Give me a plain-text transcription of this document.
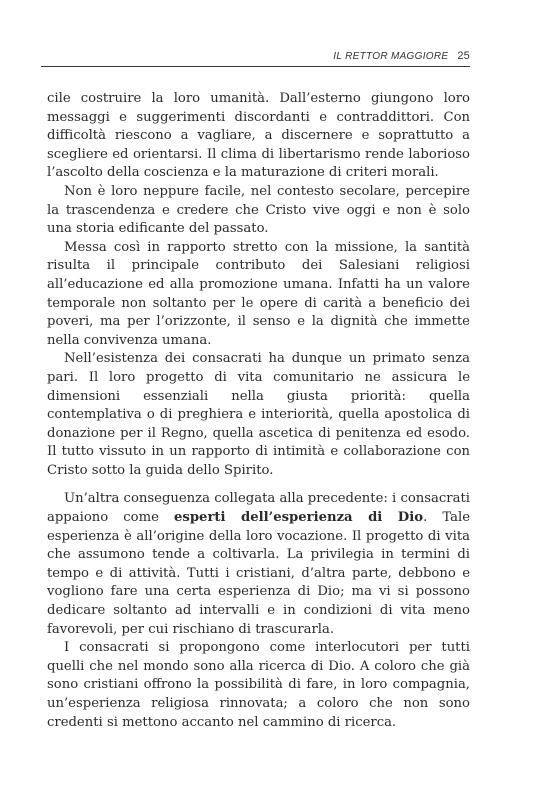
IL RETTOR MAGGIORE 25

cile costruire la loro umanità. Dall’esterno giungono loro messaggi e suggerimenti discordanti e contraddittori. Con difficoltà riescono a vagliare, a discernere e soprattutto a scegliere ed orientarsi. Il clima di libertarismo rende laborioso l’ascolto della coscienza e la maturazione di criteri morali.

Non è loro neppure facile, nel contesto secolare, percepire la trascendenza e credere che Cristo vive oggi e non è solo una storia edificante del passato.

Messa così in rapporto stretto con la missione, la santità risulta il principale contributo dei Salesiani religiosi all’educazione ed alla promozione umana. Infatti ha un valore temporale non soltanto per le opere di carità a beneficio dei poveri, ma per l’orizzonte, il senso e la dignità che immette nella convivenza umana.

Nell’esistenza dei consacrati ha dunque un primato senza pari. Il loro progetto di vita comunitario ne assicura le dimensioni essenziali nella giusta priorità: quella contemplativa o di preghiera e interiorità, quella apostolica di donazione per il Regno, quella ascetica di penitenza ed esodo. Il tutto vissuto in un rapporto di intimità e collaborazione con Cristo sotto la guida dello Spirito.

Un’altra conseguenza collegata alla precedente: i consacrati appaiono come esperti dell’esperienza di Dio. Tale esperienza è all’origine della loro vocazione. Il progetto di vita che assumono tende a coltivarla. La privilegia in termini di tempo e di attività. Tutti i cristiani, d’altra parte, debbono e vogliono fare una certa esperienza di Dio; ma vi si possono dedicare soltanto ad intervalli e in condizioni di vita meno favorevoli, per cui rischiano di trascurarla.

I consacrati si propongono come interlocutori per tutti quelli che nel mondo sono alla ricerca di Dio. A coloro che già sono cristiani offrono la possibilità di fare, in loro compagnia, un’esperienza religiosa rinnovata; a coloro che non sono credenti si mettono accanto nel cammino di ricerca.
